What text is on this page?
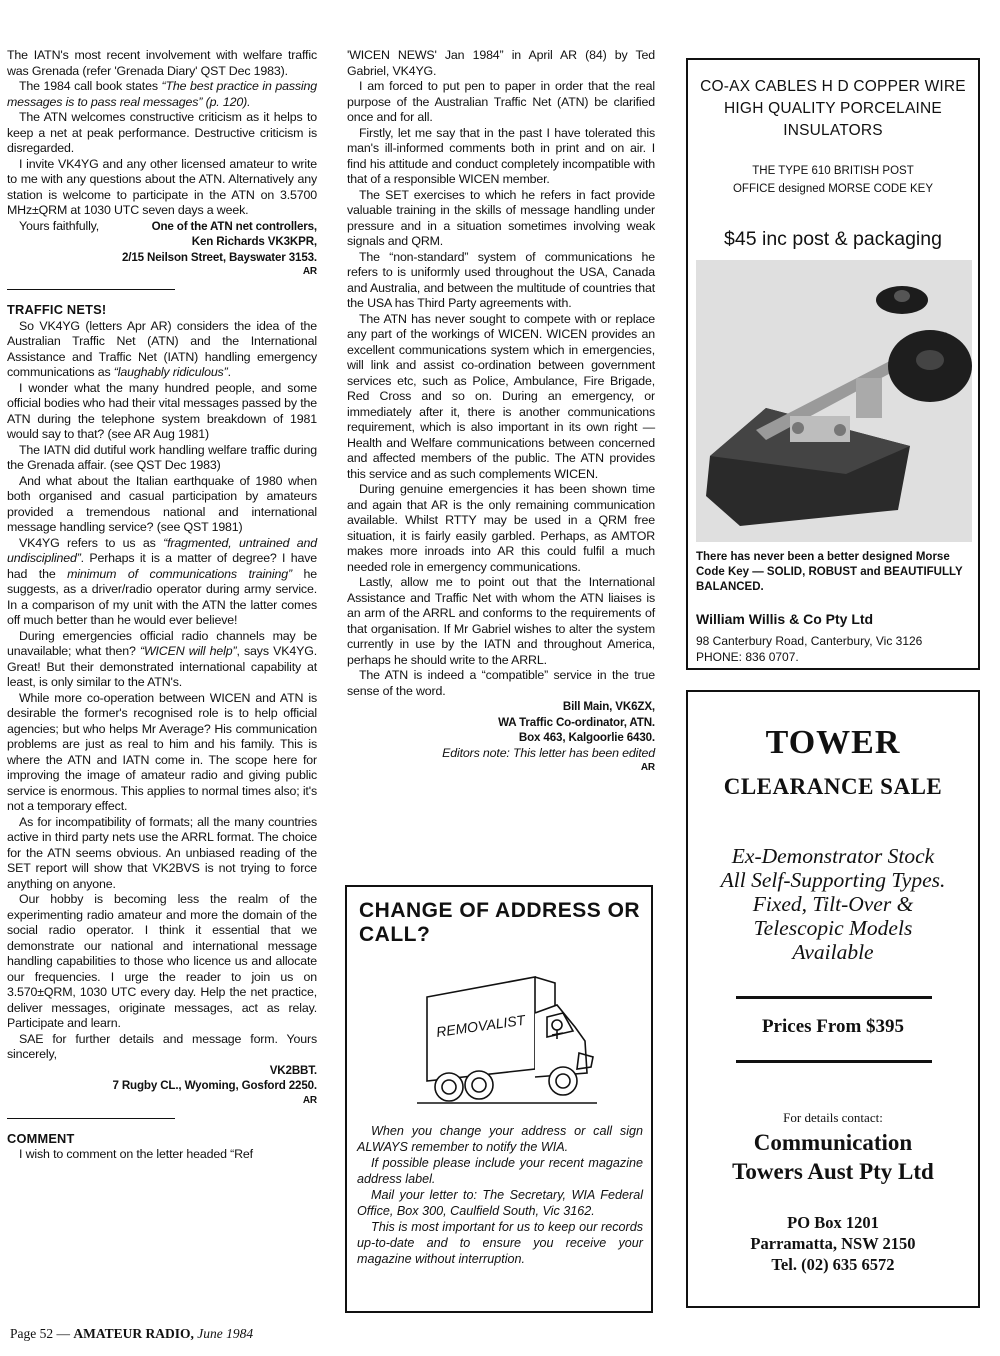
The IATN's most recent involvement with welfare traffic was Grenada (refer 'Grenada Diary' QST Dec 1983).

The 1984 call book states “The best practice in passing messages is to pass real messages” (p. 120).

The ATN welcomes constructive criticism as it helps to keep a net at peak performance. Destructive criticism is disregarded.

I invite VK4YG and any other licensed amateur to write to me with any questions about the ATN. Alternatively any station is welcome to participate in the ATN on 3.5700 MHz±QRM at 1030 UTC seven days a week.

Yours faithfully,	One of the ATN net controllers,
Ken Richards VK3KPR,
2/15 Neilson Street, Bayswater 3153.
AR
TRAFFIC NETS!

So VK4YG (letters Apr AR) considers the idea of the Australian Traffic Net (ATN) and the International Assistance and Traffic Net (IATN) handling emergency communications as “laughably ridiculous”.

I wonder what the many hundred people, and some official bodies who had their vital messages passed by the ATN during the telephone system breakdown of 1981 would say to that? (see AR Aug 1981)

The IATN did dutiful work handling welfare traffic during the Grenada affair. (see QST Dec 1983)

And what about the Italian earthquake of 1980 when both organised and casual participation by amateurs provided a tremendous national and international message handling service? (see QST 1981)

VK4YG refers to us as “fragmented, untrained and undisciplined”. Perhaps it is a matter of degree? I have had the minimum of communications training” he suggests, as a driver/radio operator during army service. In a comparison of my unit with the ATN the latter comes off much better than he would ever believe!

During emergencies official radio channels may be unavailable; what then? “WICEN will help”, says VK4YG. Great! But their demonstrated international capability at least, is only similar to the ATN's.

While more co-operation between WICEN and ATN is desirable the former's recognised role is to help official agencies; but who helps Mr Average? His communication problems are just as real to him and his family. This is where the ATN and IATN come in. The scope here for improving the image of amateur radio and giving public service is enormous. This applies to normal times also; it's not a temporary effect.

As for incompatibility of formats; all the many countries active in third party nets use the ARRL format. The choice for the ATN seems obvious. An unbiased reading of the SET report will show that VK2BVS is not trying to force anything on anyone.

Our hobby is becoming less the realm of the experimenting radio amateur and more the domain of the social radio operator. I think it essential that we demonstrate our national and international message handling capabilities to those who licence us and allocate our frequencies. I urge the reader to join us on 3.570±QRM, 1030 UTC every day. Help the net practice, deliver messages, originate messages, act as relay. Participate and learn.

SAE for further details and message form. Yours sincerely,

VK2BBT.
7 Rugby CL., Wyoming, Gosford 2250.
AR
COMMENT

I wish to comment on the letter headed “Ref

'WICEN NEWS' Jan 1984” in April AR (84) by Ted Gabriel, VK4YG.

I am forced to put pen to paper in order that the real purpose of the Australian Traffic Net (ATN) be clarified once and for all.

Firstly, let me say that in the past I have tolerated this man's ill-informed comments both in print and on air. I find his attitude and conduct completely incompatible with that of a responsible WICEN member.

The SET exercises to which he refers in fact provide valuable training in the skills of message handling under pressure and in a situation sometimes involving weak signals and QRM.

The “non-standard” system of communications he refers to is uniformly used throughout the USA, Canada and Australia, and between the multitude of countries that the USA has Third Party agreements with.

The ATN has never sought to compete with or replace any part of the workings of WICEN. WICEN provides an excellent communications system which in emergencies, will link and assist co-ordination between government services etc, such as Police, Ambulance, Fire Brigade, Red Cross and so on. During an emergency, or immediately after it, there is another communications requirement, which is also important in its own right — Health and Welfare communications between concerned and affected members of the public. The ATN provides this service and as such complements WICEN.

During genuine emergencies it has been shown time and again that AR is the only remaining communication available. Whilst RTTY may be used in a QRM free situation, it is fairly easily garbled. Perhaps, as AMTOR makes more inroads into AR this could fulfil a much needed role in emergency communications.

Lastly, allow me to point out that the International Assistance and Traffic Net with whom the ATN liaises is an arm of the ARRL and conforms to the requirements of that organisation. If Mr Gabriel wishes to alter the system currently in use by the IATN and throughout America, perhaps he should write to the ARRL.

The ATN is indeed a “compatible” service in the true sense of the word.

Bill Main, VK6ZX,
WA Traffic Co-ordinator, ATN.
Box 463, Kalgoorlie 6430.
Editors note: This letter has been edited
AR
CHANGE OF ADDRESS OR CALL?
REMOVALIST

When you change your address or call sign ALWAYS remember to notify the WIA.

If possible please include your recent magazine address label.

Mail your letter to: The Secretary, WIA Federal Office, Box 300, Caulfield South, Vic 3162.

This is most important for us to keep our records up-to-date and to ensure you receive your magazine without interruption.

CO-AX CABLES H D COPPER WIRE

HIGH QUALITY PORCELAINE

INSULATORS

THE TYPE 610 BRITISH POST
OFFICE designed MORSE CODE KEY
$45 inc post & packaging
There has never been a better designed Morse Code Key — SOLID, ROBUST and BEAUTIFULLY BALANCED.
William Willis & Co Pty Ltd
98 Canterbury Road, Canterbury, Vic 3126
PHONE: 836 0707.
TOWER
CLEARANCE SALE
Ex-Demonstrator Stock
All Self-Supporting Types.
Fixed, Tilt-Over &
Telescopic Models
Available
Prices From $395
For details contact:
Communication
Towers Aust Pty Ltd
PO Box 1201
Parramatta, NSW 2150
Tel. (02) 635 6572
Page 52 — AMATEUR RADIO, June 1984
